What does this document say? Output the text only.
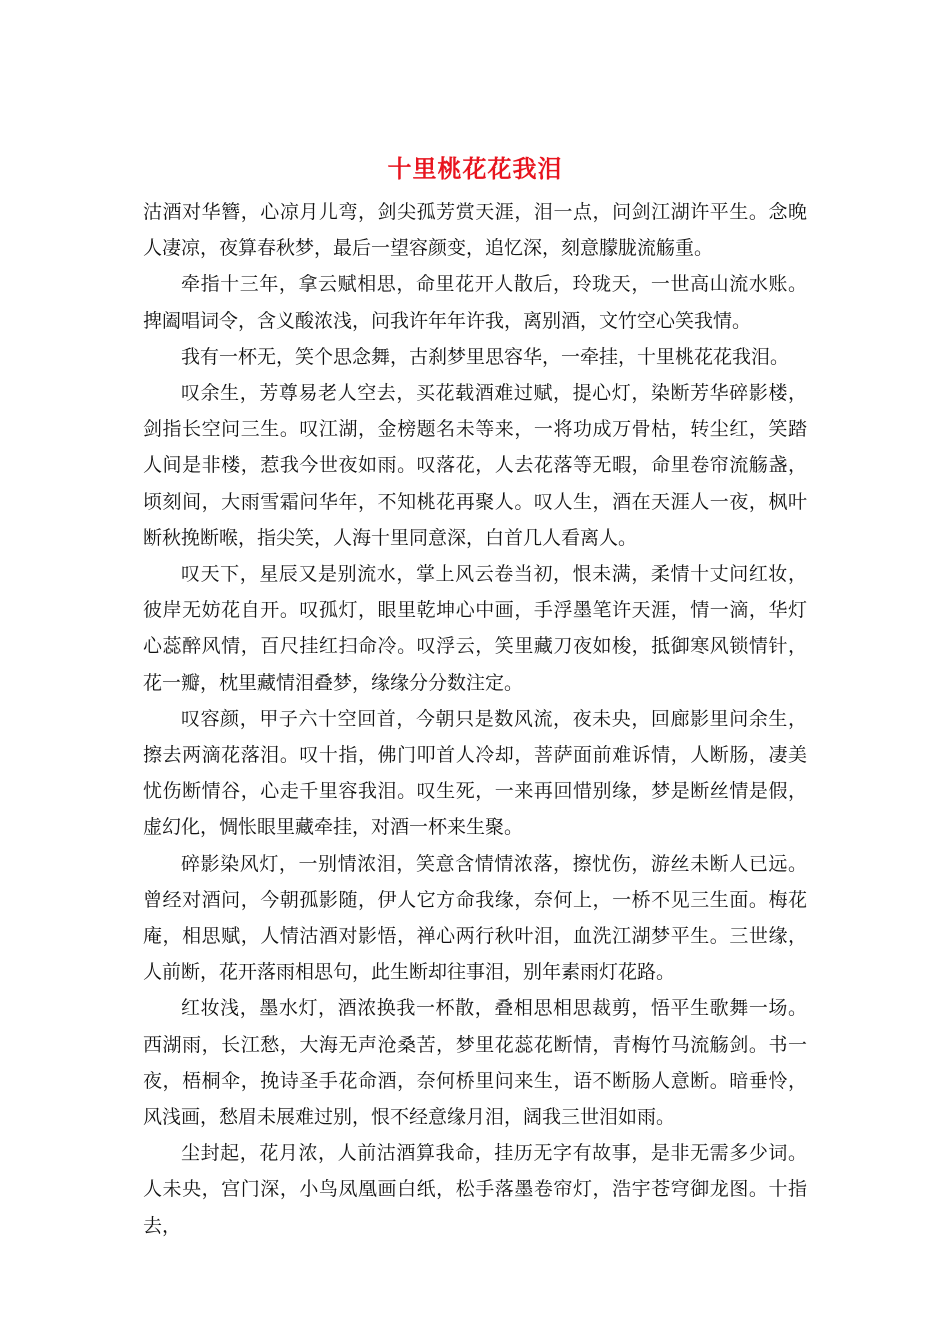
十里桃花花我泪

沽酒对华簪，心凉月儿弯，剑尖孤芳赏天涯，泪一点，问剑江湖许平生。念晚人凄凉，夜算春秋梦，最后一望容颜变，追忆深，刻意朦胧流觞重。

牵指十三年，拿云赋相思，命里花开人散后，玲珑天，一世高山流水账。捭阖唱词令，含义酸浓浅，问我许年年许我，离别酒，文竹空心笑我情。

我有一杯无，笑个思念舞，古刹梦里思容华，一牵挂，十里桃花花我泪。

叹余生，芳尊易老人空去，买花载酒难过赋，提心灯，染断芳华碎影楼，剑指长空问三生。叹江湖，金榜题名未等来，一将功成万骨枯，转尘红，笑踏人间是非楼，惹我今世夜如雨。叹落花，人去花落等无暇，命里卷帘流觞盏，顷刻间，大雨雪霜问华年，不知桃花再聚人。叹人生，酒在天涯人一夜，枫叶断秋挽断喉，指尖笑，人海十里同意深，白首几人看离人。

叹天下，星辰又是别流水，掌上风云卷当初，恨未满，柔情十丈问红妆，彼岸无妨花自开。叹孤灯，眼里乾坤心中画，手浮墨笔许天涯，情一滴，华灯心蕊醉风情，百尺挂红扫命冷。叹浮云，笑里藏刀夜如梭，抵御寒风锁情针，花一瓣，枕里藏情泪叠梦，缘缘分分数注定。

叹容颜，甲子六十空回首，今朝只是数风流，夜未央，回廊影里问余生，擦去两滴花落泪。叹十指，佛门叩首人冷却，菩萨面前难诉情，人断肠，凄美忧伤断情谷，心走千里容我泪。叹生死，一来再回惜别缘，梦是断丝情是假，虚幻化，惆怅眼里藏牵挂，对酒一杯来生聚。

碎影染风灯，一别情浓泪，笑意含情情浓落，擦忧伤，游丝未断人已远。曾经对酒问，今朝孤影随，伊人它方命我缘，奈何上，一桥不见三生面。梅花庵，相思赋，人情沽酒对影悟，禅心两行秋叶泪，血洗江湖梦平生。三世缘，人前断，花开落雨相思句，此生断却往事泪，别年素雨灯花路。

红妆浅，墨水灯，酒浓换我一杯散，叠相思相思裁剪，悟平生歌舞一场。西湖雨，长江愁，大海无声沧桑苦，梦里花蕊花断情，青梅竹马流觞剑。书一夜，梧桐伞，挽诗圣手花命酒，奈何桥里问来生，语不断肠人意断。暗垂怜，风浅画，愁眉未展难过别，恨不经意缘月泪，阔我三世泪如雨。

尘封起，花月浓，人前沽酒算我命，挂历无字有故事，是非无需多少词。人未央，宫门深，小鸟凤凰画白纸，松手落墨卷帘灯，浩宇苍穹御龙图。十指去，
